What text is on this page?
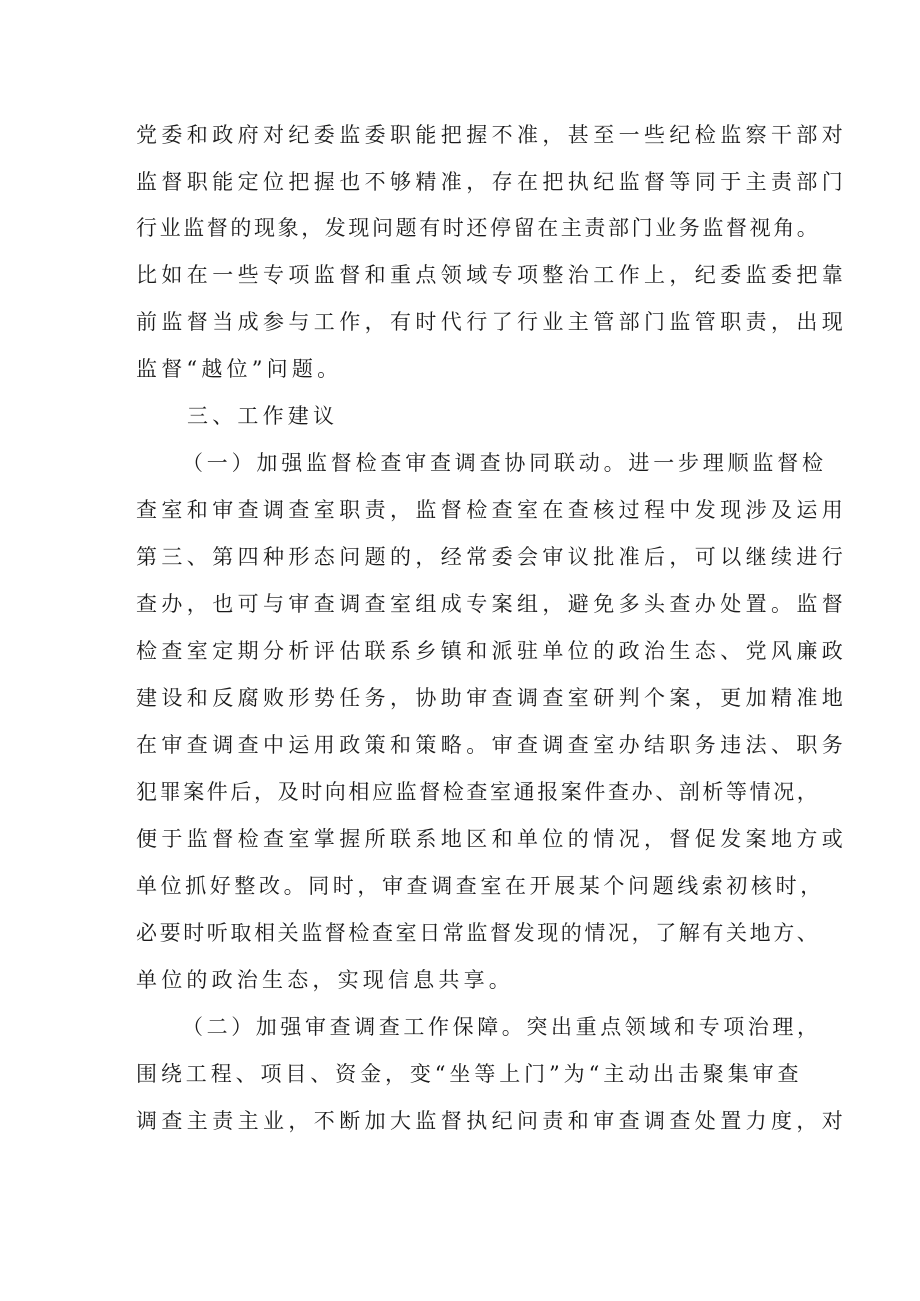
党委和政府对纪委监委职能把握不准，甚至一些纪检监察干部对
监督职能定位把握也不够精准，存在把执纪监督等同于主责部门
行业监督的现象，发现问题有时还停留在主责部门业务监督视角。
比如在一些专项监督和重点领域专项整治工作上，纪委监委把靠
前监督当成参与工作，有时代行了行业主管部门监管职责，出现
监督“越位”问题。
三、工作建议
（一）加强监督检查审查调查协同联动。进一步理顺监督检
查室和审查调查室职责，监督检查室在查核过程中发现涉及运用
第三、第四种形态问题的，经常委会审议批准后，可以继续进行
查办，也可与审查调查室组成专案组，避免多头查办处置。监督
检查室定期分析评估联系乡镇和派驻单位的政治生态、党风廉政
建设和反腐败形势任务，协助审查调查室研判个案，更加精准地
在审查调查中运用政策和策略。审查调查室办结职务违法、职务
犯罪案件后，及时向相应监督检查室通报案件查办、剖析等情况，
便于监督检查室掌握所联系地区和单位的情况，督促发案地方或
单位抓好整改。同时，审查调查室在开展某个问题线索初核时，
必要时听取相关监督检查室日常监督发现的情况，了解有关地方、
单位的政治生态，实现信息共享。
（二）加强审查调查工作保障。突出重点领域和专项治理，
围绕工程、项目、资金，变“坐等上门”为“主动出击聚集审查
调查主责主业，不断加大监督执纪问责和审查调查处置力度，对
